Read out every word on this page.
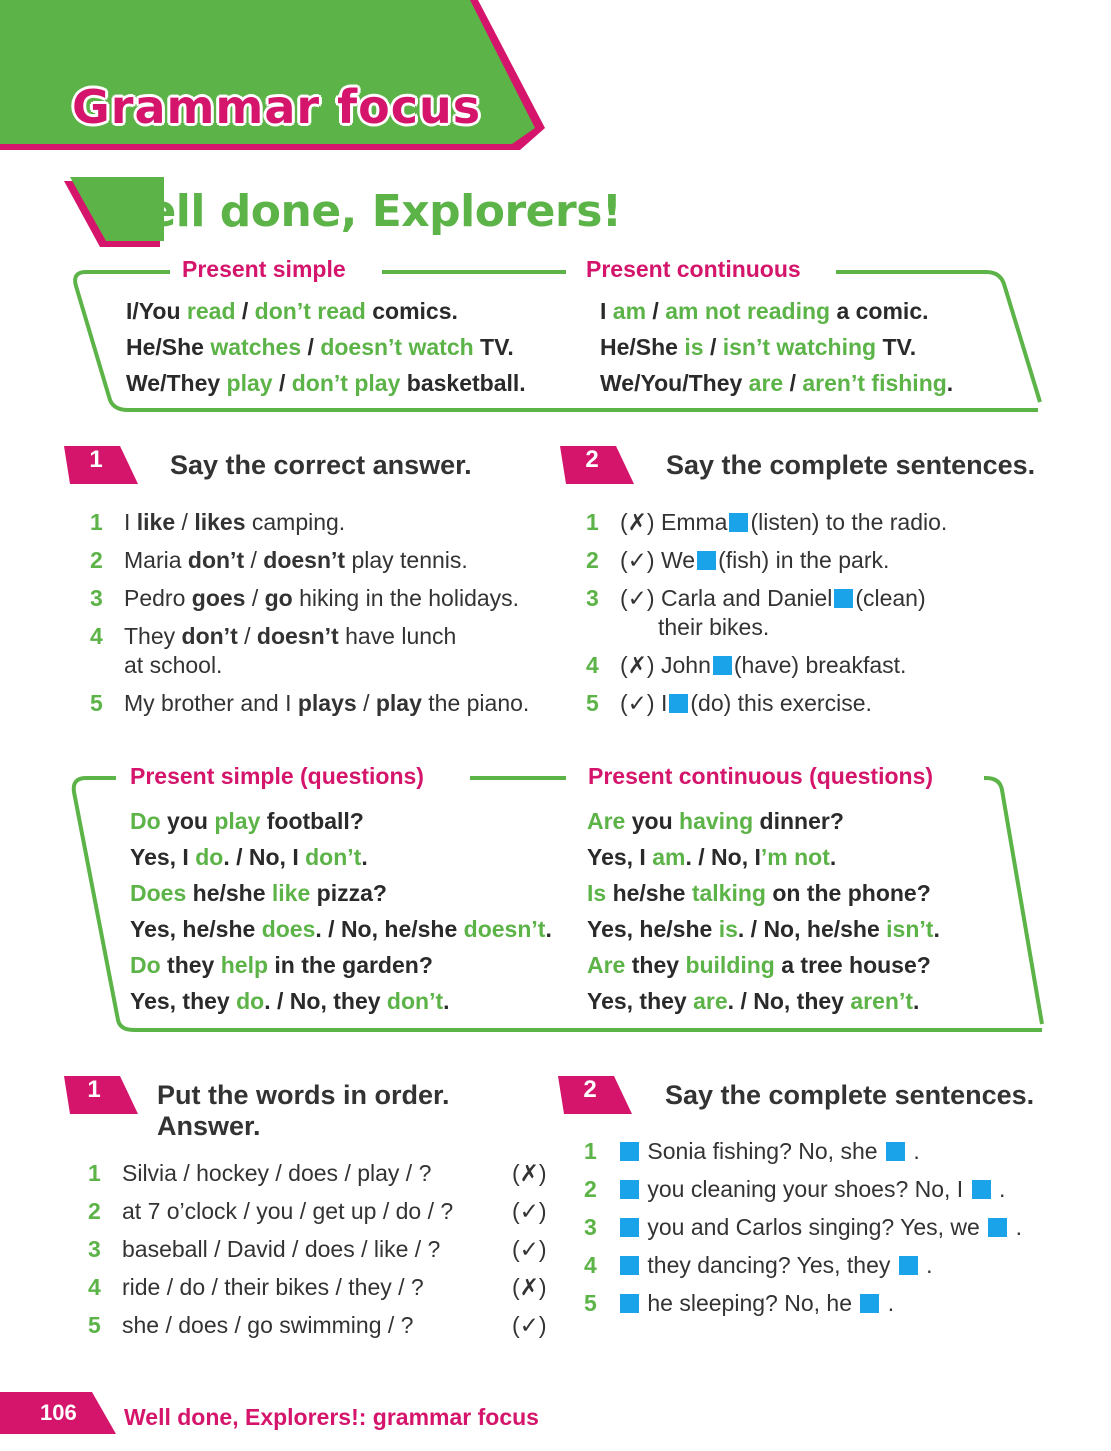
Grammar focus
Well done, Explorers!
Present simple	Present continuous
I/You read / don’t read comics.
He/She watches / doesn’t watch TV.
We/They play / don’t play basketball.
I am / am not reading a comic.
He/She is / isn’t watching TV.
We/You/They are / aren’t fishing.
1	Say the correct answer.
1 I like / likes camping.
2 Maria don’t / doesn’t play tennis.
3 Pedro goes / go hiking in the holidays.
4 They don’t / doesn’t have lunch
at school.
5 My brother and I plays / play the piano.
2	Say the complete sentences.
1 (✗) Emma (listen) to the radio.
2 (✓) We (fish) in the park.
3 (✓) Carla and Daniel (clean)
their bikes.
4 (✗) John (have) breakfast.
5 (✓) I (do) this exercise.
Present simple (questions)	Present continuous (questions)
Do you play football?
Yes, I do. / No, I don’t.
Does he/she like pizza?
Yes, he/she does. / No, he/she doesn’t.
Do they help in the garden?
Yes, they do. / No, they don’t.
Are you having dinner?
Yes, I am. / No, I’m not.
Is he/she talking on the phone?
Yes, he/she is. / No, he/she isn’t.
Are they building a tree house?
Yes, they are. / No, they aren’t.
1	Put the words in order.
Answer.
1 Silvia / hockey / does / play / ?	(✗)
2 at 7 o’clock / you / get up / do / ?	(✓)
3 baseball / David / does / like / ?	(✓)
4 ride / do / their bikes / they / ?	(✗)
5 she / does / go swimming / ?	(✓)
2	Say the complete sentences.
1 Sonia fishing? No, she  .
2 you cleaning your shoes? No, I  .
3 you and Carlos singing? Yes, we  .
4 they dancing? Yes, they  .
5 he sleeping? No, he  .
106 Well done, Explorers!: grammar focus
